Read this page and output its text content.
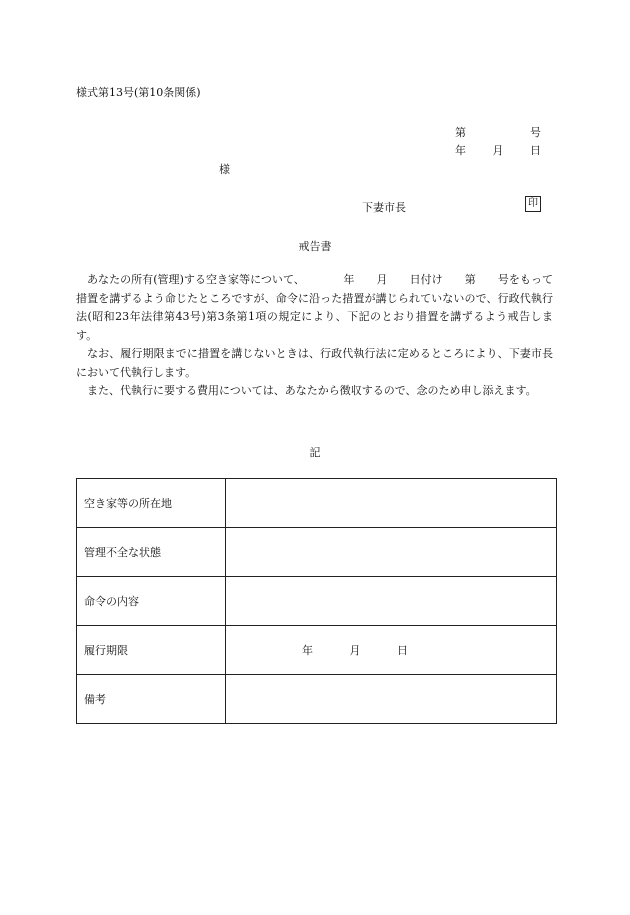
様式第13号(第10条関係)
第	号
年 月 日
様
下妻市長	印
戒告書

あなたの所有(管理)する空き家等について、　　　　年　　月　　日付け　　第　　号をもって措置を講ずるよう命じたところですが、命令に沿った措置が講じられていないので、行政代執行法(昭和23年法律第43号)第3条第1項の規定により、下記のとおり措置を講ずるよう戒告します。

なお、履行期限までに措置を講じないときは、行政代執行法に定めるところにより、下妻市長において代執行します。

また、代執行に要する費用については、あなたから徴収するので、念のため申し添えます。

記
空き家等の所在地	
管理不全な状態	
命令の内容	
履行期限	年 月 日

備考	
